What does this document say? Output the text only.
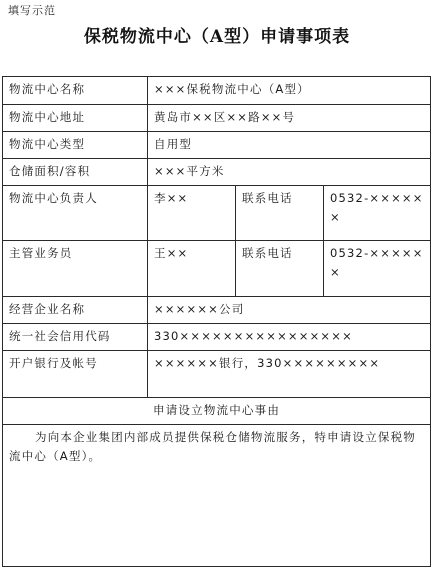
填写示范
保税物流中心（A型）申请事项表
物流中心名称	×××保税物流中心（A型）		
物流中心地址	黄岛市××区××路××号		
物流中心类型	自用型		
仓储面积/容积	×××平方米		
物流中心负责人	李××	联系电话	0532-××××××
主管业务员	王××	联系电话	0532-××××××
经营企业名称	××××××公司		
统一社会信用代码	330××××××××××××××××		
开户银行及帐号	××××××银行，330×××××××××		
申请设立物流中心事由			
为向本企业集团内部成员提供保税仓储物流服务，特申请设立保税物流中心（A型）。			
